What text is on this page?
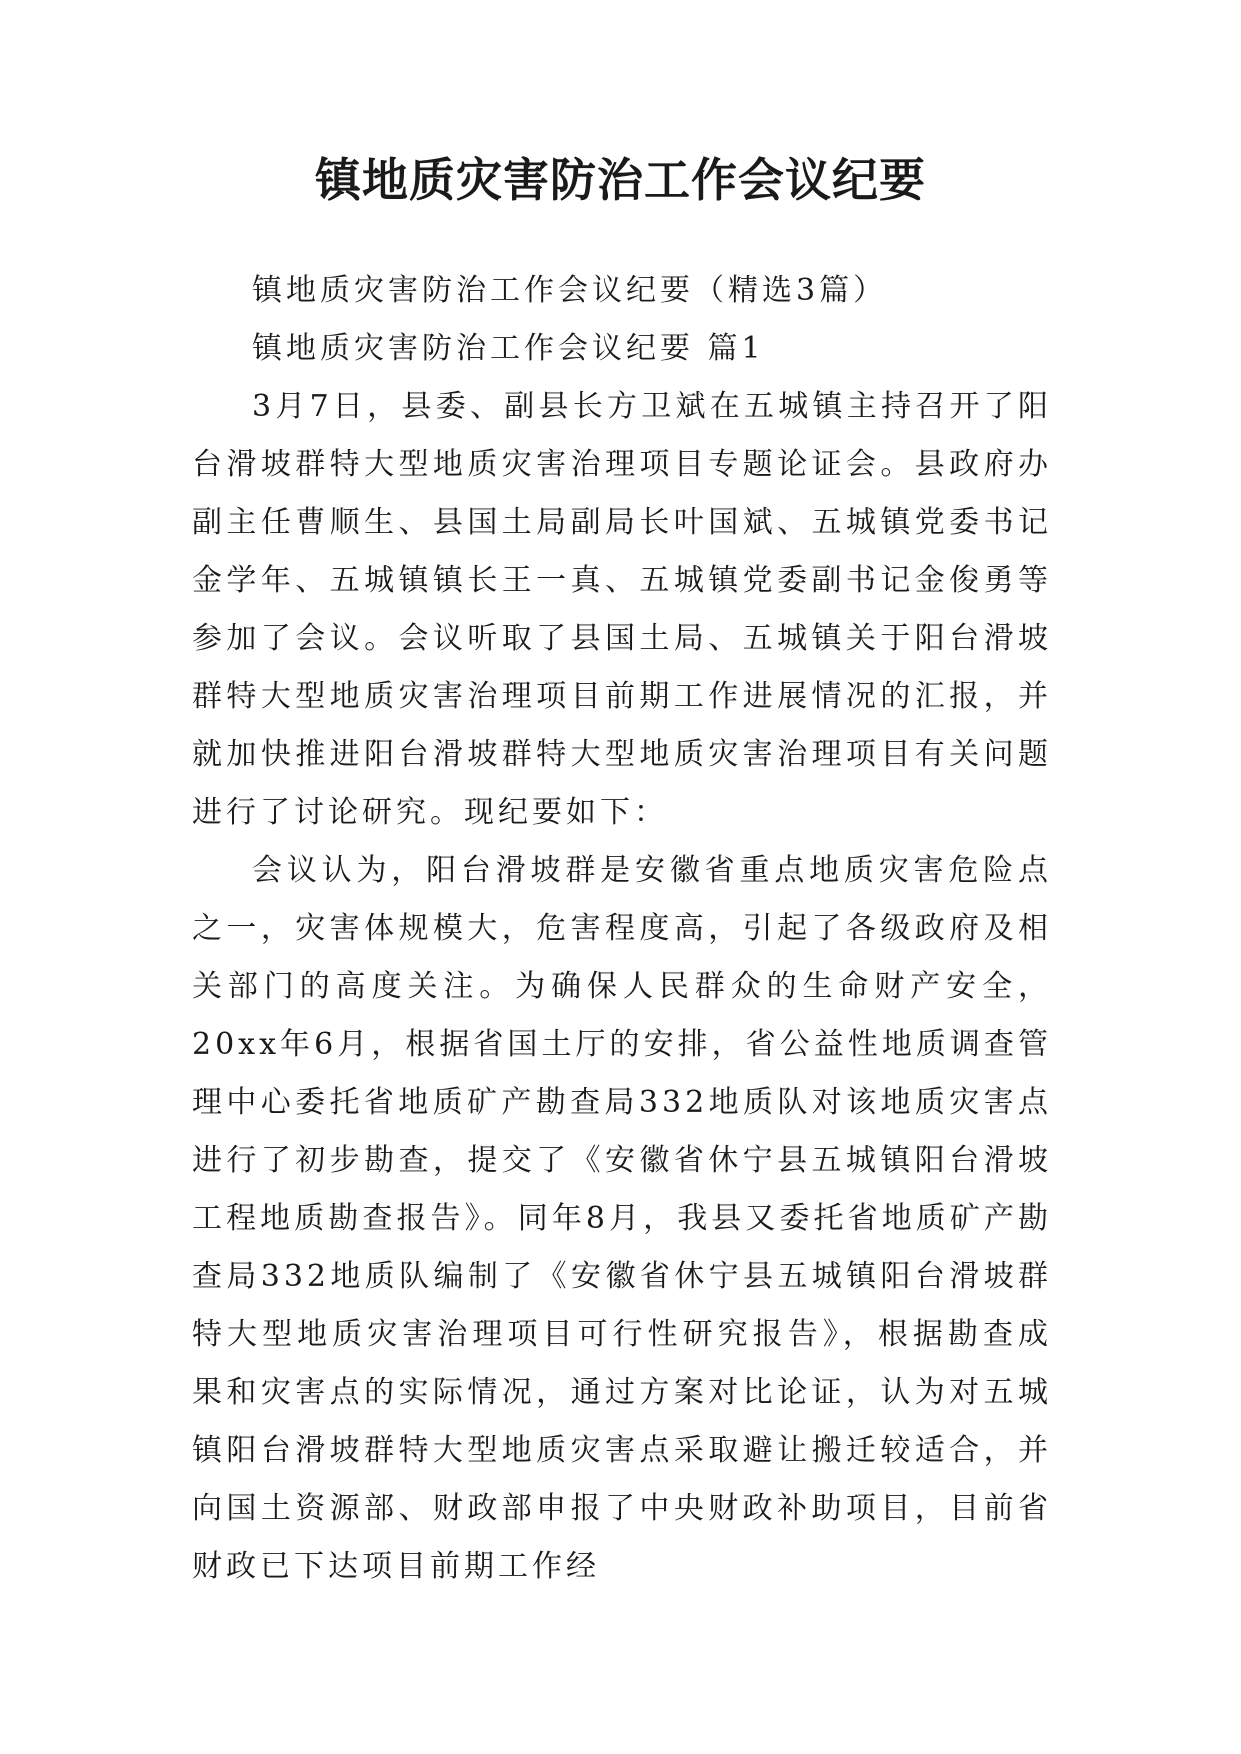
镇地质灾害防治工作会议纪要

镇地质灾害防治工作会议纪要（精选3篇）

镇地质灾害防治工作会议纪要 篇1

3月7日，县委、副县长方卫斌在五城镇主持召开了阳台滑坡群特大型地质灾害治理项目专题论证会。县政府办副主任曹顺生、县国土局副局长叶国斌、五城镇党委书记金学年、五城镇镇长王一真、五城镇党委副书记金俊勇等参加了会议。会议听取了县国土局、五城镇关于阳台滑坡群特大型地质灾害治理项目前期工作进展情况的汇报，并就加快推进阳台滑坡群特大型地质灾害治理项目有关问题进行了讨论研究。现纪要如下：

会议认为，阳台滑坡群是安徽省重点地质灾害危险点之一，灾害体规模大，危害程度高，引起了各级政府及相关部门的高度关注。为确保人民群众的生命财产安全，20xx年6月，根据省国土厅的安排，省公益性地质调查管理中心委托省地质矿产勘查局332地质队对该地质灾害点进行了初步勘查，提交了《安徽省休宁县五城镇阳台滑坡工程地质勘查报告》。同年8月，我县又委托省地质矿产勘查局332地质队编制了《安徽省休宁县五城镇阳台滑坡群特大型地质灾害治理项目可行性研究报告》，根据勘查成果和灾害点的实际情况，通过方案对比论证，认为对五城镇阳台滑坡群特大型地质灾害点采取避让搬迁较适合，并向国土资源部、财政部申报了中央财政补助项目，目前省财政已下达项目前期工作经
